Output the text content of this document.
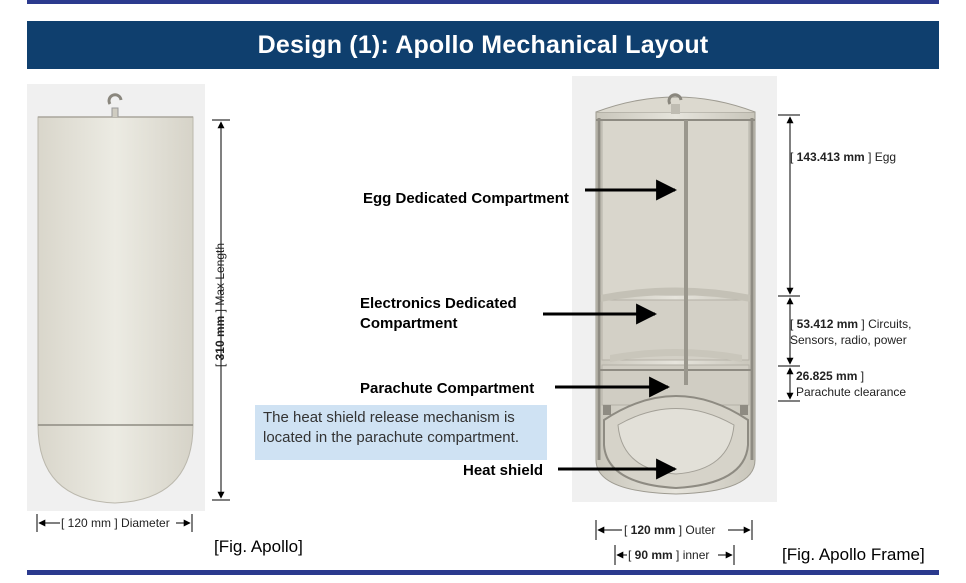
Design (1): Apollo Mechanical Layout
[ 310 mm ] Max Length
[ 120 mm ] Diameter
[Fig. Apollo]
Egg Dedicated Compartment
Electronics Dedicated
Compartment
Parachute Compartment
Heat shield
The heat shield release mechanism is located in the parachute compartment.
[ 143.413 mm ] Egg
[ 53.412 mm ] Circuits,
Sensors, radio, power
26.825 mm ]
Parachute clearance
[ 120 mm ] Outer
[ 90 mm ] inner	[Fig. Apollo Frame]
